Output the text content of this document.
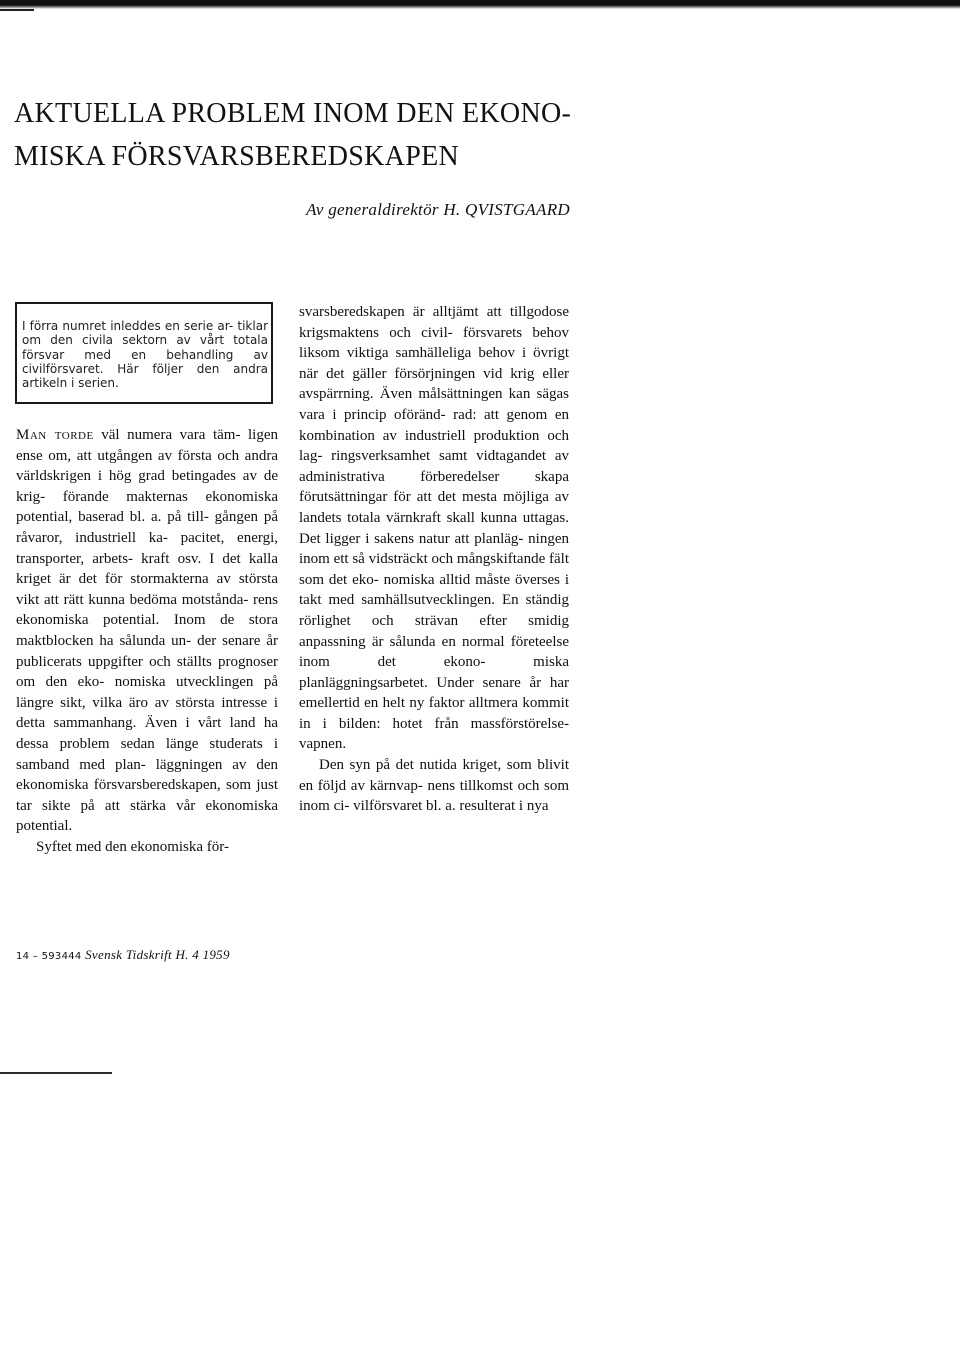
AKTUELLA PROBLEM INOM DEN EKONO-
MISKA FÖRSVARSBEREDSKAPEN
Av generaldirektör H. QVISTGAARD
I förra numret inleddes en serie ar- tiklar om den civila sektorn av vårt totala försvar med en behandling av civilförsvaret. Här följer den andra artikeln i serien.

Man torde väl numera vara täm- ligen ense om, att utgången av första och andra världskrigen i hög grad betingades av de krig- förande makternas ekonomiska potential, baserad bl. a. på till- gången på råvaror, industriell ka- pacitet, energi, transporter, arbets- kraft osv. I det kalla kriget är det för stormakterna av största vikt att rätt kunna bedöma motstånda- rens ekonomiska potential. Inom de stora maktblocken ha sålunda un- der senare år publicerats uppgifter och ställts prognoser om den eko- nomiska utvecklingen på längre sikt, vilka äro av största intresse i detta sammanhang. Även i vårt land ha dessa problem sedan länge studerats i samband med plan- läggningen av den ekonomiska försvarsberedskapen, som just tar sikte på att stärka vår ekonomiska potential.

Syftet med den ekonomiska för-

svarsberedskapen är alltjämt att tillgodose krigsmaktens och civil- försvarets behov liksom viktiga samhälleliga behov i övrigt när det gäller försörjningen vid krig eller avspärrning. Även målsättningen kan sägas vara i princip oföränd- rad: att genom en kombination av industriell produktion och lag- ringsverksamhet samt vidtagandet av administrativa förberedelser skapa förutsättningar för att det mesta möjliga av landets totala värnkraft skall kunna uttagas. Det ligger i sakens natur att planläg- ningen inom ett så vidsträckt och mångskiftande fält som det eko- nomiska alltid måste överses i takt med samhällsutvecklingen. En ständig rörlighet och strävan efter smidig anpassning är sålunda en normal företeelse inom det ekono- miska planläggningsarbetet. Under senare år har emellertid en helt ny faktor alltmera kommit in i bilden: hotet från massförstörelse- vapnen.

Den syn på det nutida kriget, som blivit en följd av kärnvap- nens tillkomst och som inom ci- vilförsvaret bl. a. resulterat i nya

14 – 593444 Svensk Tidskrift H. 4 1959
